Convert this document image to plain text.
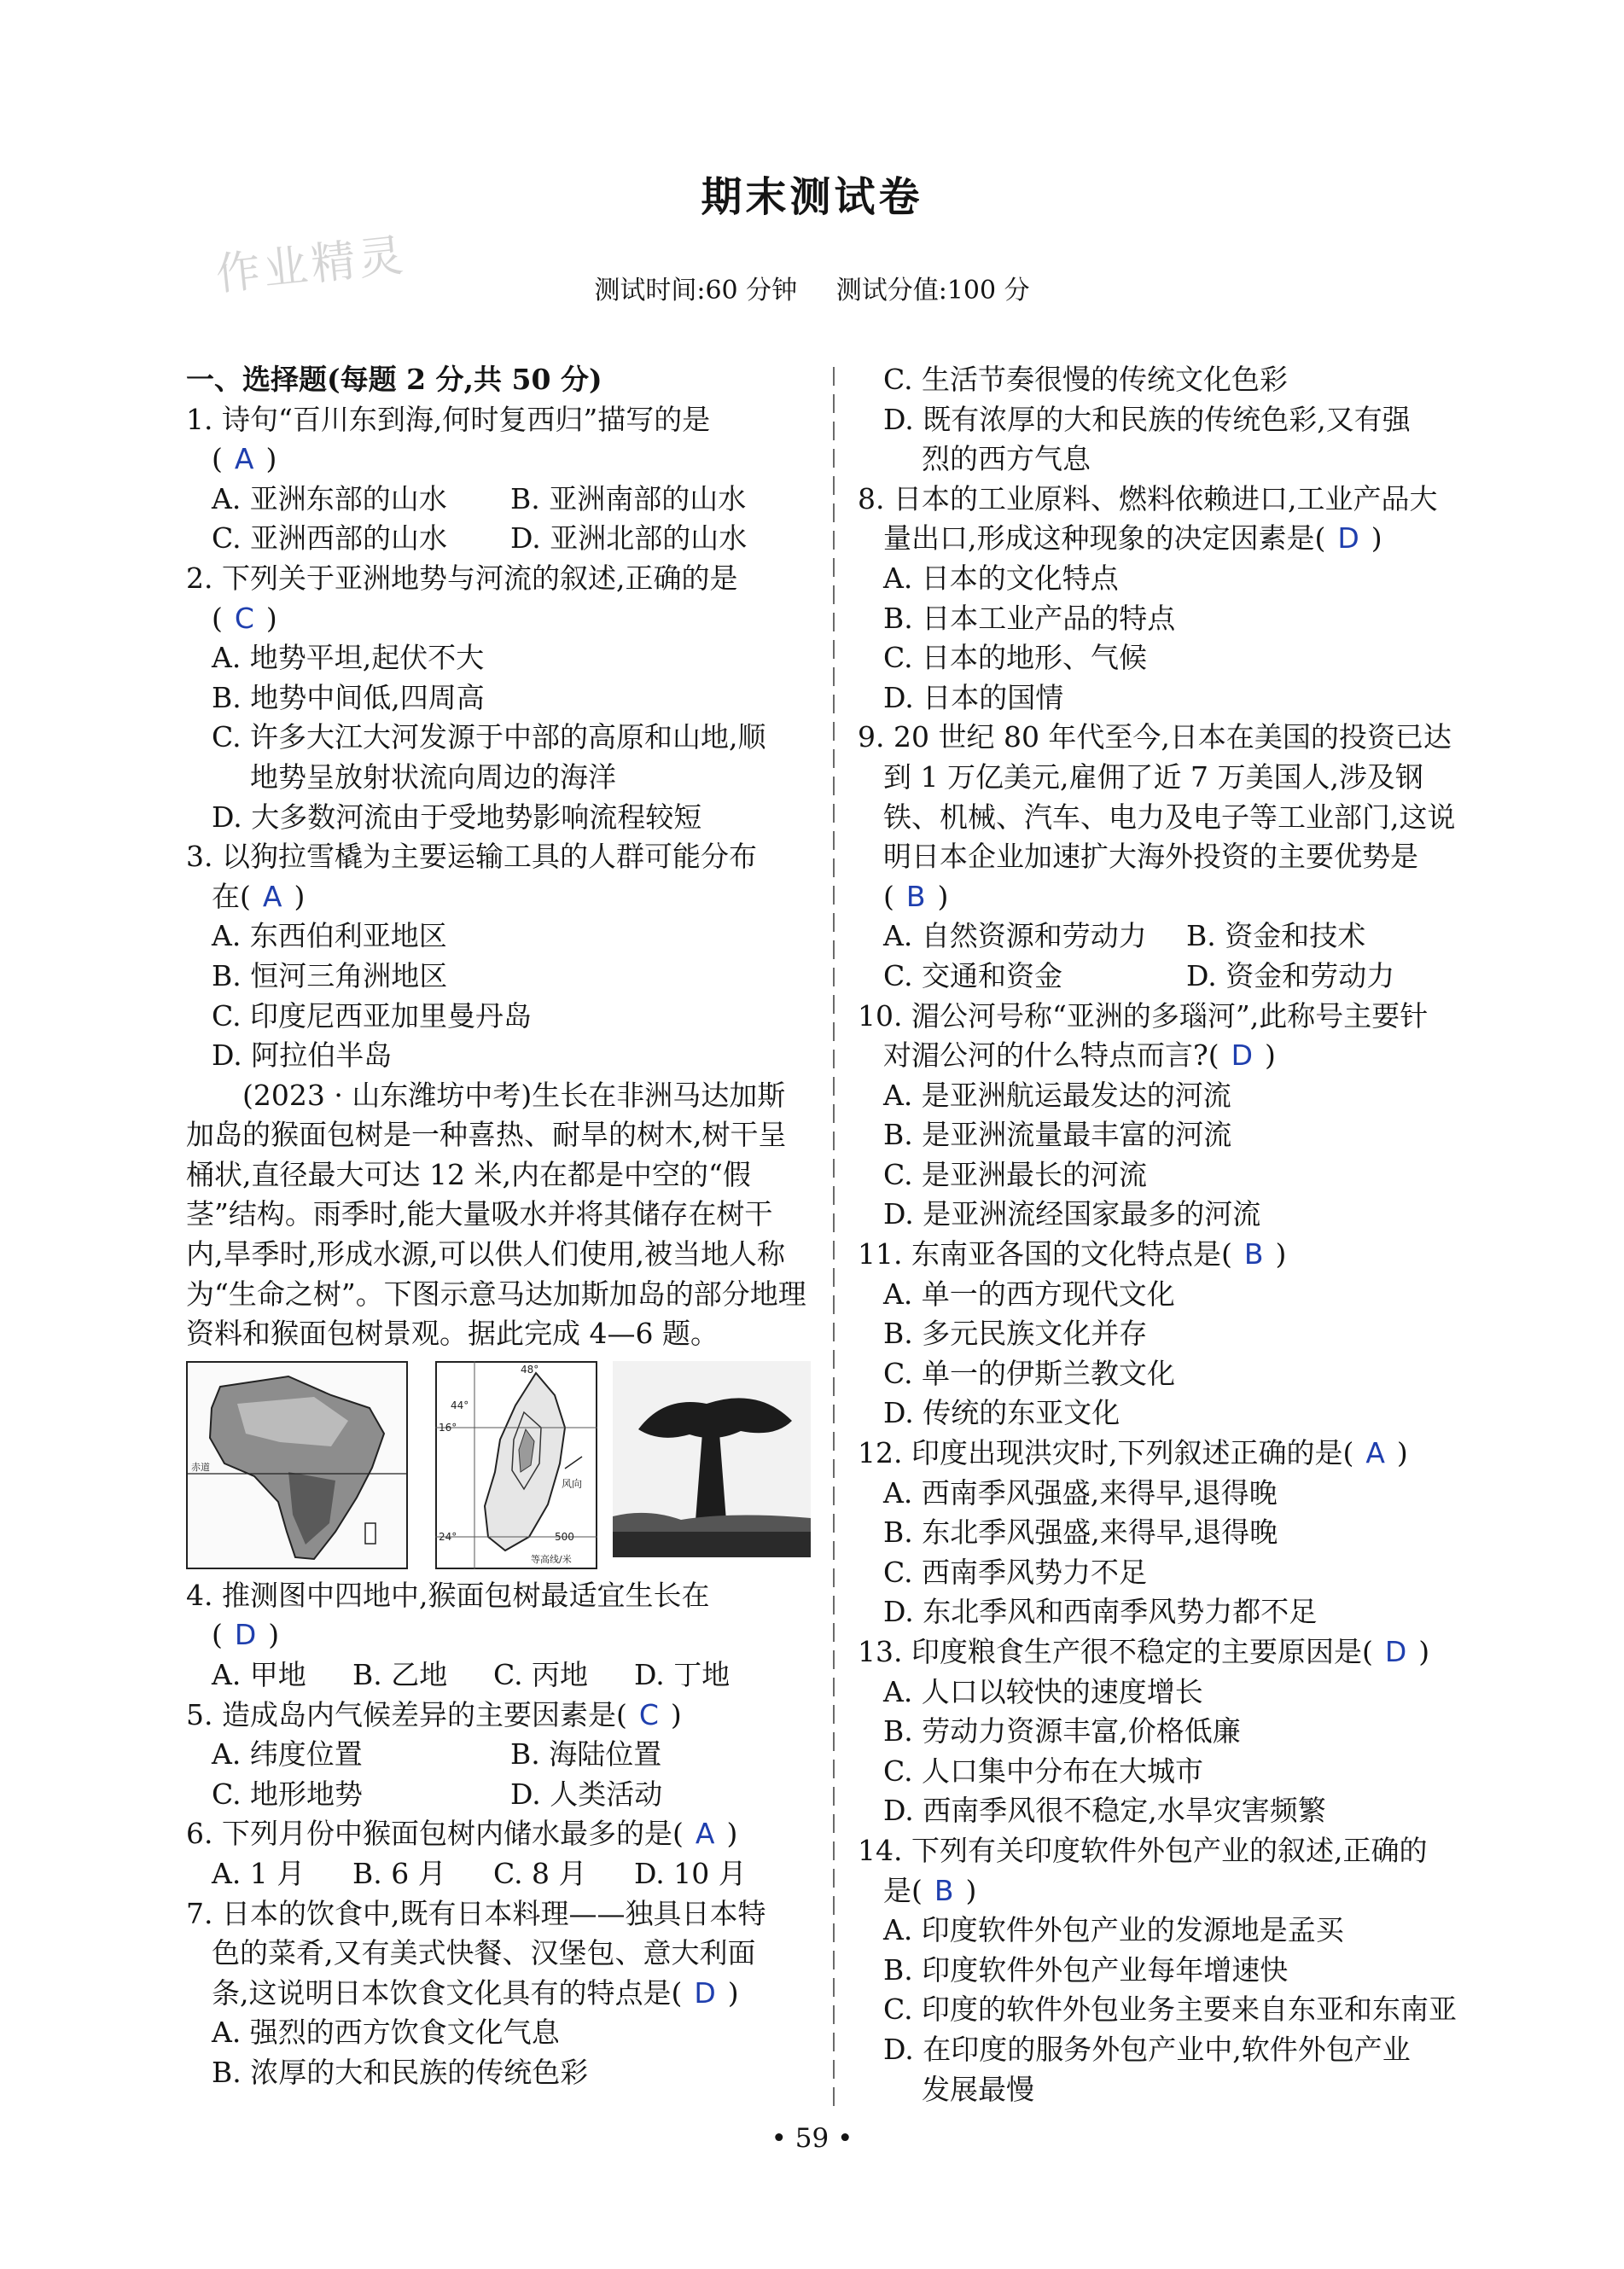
作业精灵
期末测试卷
测试时间:60 分钟 测试分值:100 分
一、选择题(每题 2 分,共 50 分)
1. 诗句“百川东到海,何时复西归”描写的是
( A )
A. 亚洲东部的山水	B. 亚洲南部的山水
C. 亚洲西部的山水	D. 亚洲北部的山水
2. 下列关于亚洲地势与河流的叙述,正确的是
( C )
A. 地势平坦,起伏不大
B. 地势中间低,四周高
C. 许多大江大河发源于中部的高原和山地,顺
地势呈放射状流向周边的海洋
D. 大多数河流由于受地势影响流程较短
3. 以狗拉雪橇为主要运输工具的人群可能分布
在( A )
A. 东西伯利亚地区
B. 恒河三角洲地区
C. 印度尼西亚加里曼丹岛
D. 阿拉伯半岛
(2023 · 山东潍坊中考)生长在非洲马达加斯加岛的猴面包树是一种喜热、耐旱的树木,树干呈桶状,直径最大可达 12 米,内在都是中空的“假茎”结构。雨季时,能大量吸水并将其储存在树干内,旱季时,形成水源,可以供人们使用,被当地人称为“生命之树”。下图示意马达加斯加岛的部分地理资料和猴面包树景观。据此完成 4—6 题。
赤道
48°
44°
16°
24°
风向
500
等高线/米
4. 推测图中四地中,猴面包树最适宜生长在
( D )
A. 甲地	B. 乙地	C. 丙地	D. 丁地
5. 造成岛内气候差异的主要因素是( C )
A. 纬度位置	B. 海陆位置
C. 地形地势	D. 人类活动
6. 下列月份中猴面包树内储水最多的是( A )
A. 1 月	B. 6 月	C. 8 月	D. 10 月
7. 日本的饮食中,既有日本料理——独具日本特
色的菜肴,又有美式快餐、汉堡包、意大利面
条,这说明日本饮食文化具有的特点是( D )
A. 强烈的西方饮食文化气息
B. 浓厚的大和民族的传统色彩
C. 生活节奏很慢的传统文化色彩
D. 既有浓厚的大和民族的传统色彩,又有强
烈的西方气息
8. 日本的工业原料、燃料依赖进口,工业产品大
量出口,形成这种现象的决定因素是( D )
A. 日本的文化特点
B. 日本工业产品的特点
C. 日本的地形、气候
D. 日本的国情
9. 20 世纪 80 年代至今,日本在美国的投资已达
到 1 万亿美元,雇佣了近 7 万美国人,涉及钢
铁、机械、汽车、电力及电子等工业部门,这说
明日本企业加速扩大海外投资的主要优势是
( B )
A. 自然资源和劳动力	B. 资金和技术
C. 交通和资金	D. 资金和劳动力
10. 湄公河号称“亚洲的多瑙河”,此称号主要针
对湄公河的什么特点而言?( D )
A. 是亚洲航运最发达的河流
B. 是亚洲流量最丰富的河流
C. 是亚洲最长的河流
D. 是亚洲流经国家最多的河流
11. 东南亚各国的文化特点是( B )
A. 单一的西方现代文化
B. 多元民族文化并存
C. 单一的伊斯兰教文化
D. 传统的东亚文化
12. 印度出现洪灾时,下列叙述正确的是( A )
A. 西南季风强盛,来得早,退得晚
B. 东北季风强盛,来得早,退得晚
C. 西南季风势力不足
D. 东北季风和西南季风势力都不足
13. 印度粮食生产很不稳定的主要原因是( D )
A. 人口以较快的速度增长
B. 劳动力资源丰富,价格低廉
C. 人口集中分布在大城市
D. 西南季风很不稳定,水旱灾害频繁
14. 下列有关印度软件外包产业的叙述,正确的
是( B )
A. 印度软件外包产业的发源地是孟买
B. 印度软件外包产业每年增速快
C. 印度的软件外包业务主要来自东亚和东南亚
D. 在印度的服务外包产业中,软件外包产业
发展最慢
• 59 •
